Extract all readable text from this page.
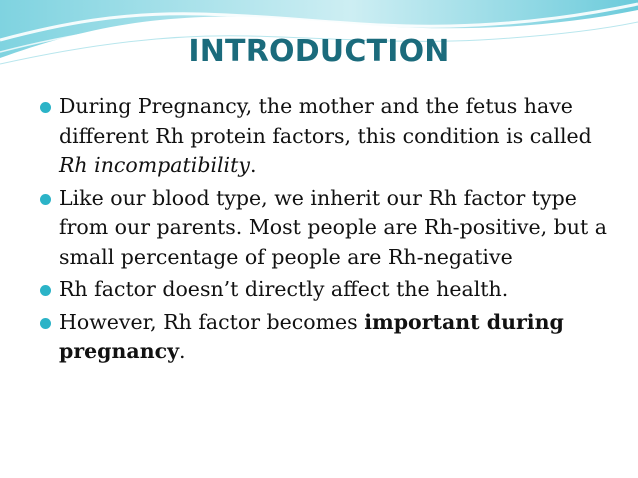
INTRODUCTION
During Pregnancy, the mother and the fetus have different Rh protein factors, this condition is called Rh incompatibility.
Like our blood type, we inherit our Rh factor type from our parents. Most people are Rh-positive, but a small percentage of people are Rh-negative
Rh factor doesn’t directly affect the health.
However, Rh factor becomes important during pregnancy.
